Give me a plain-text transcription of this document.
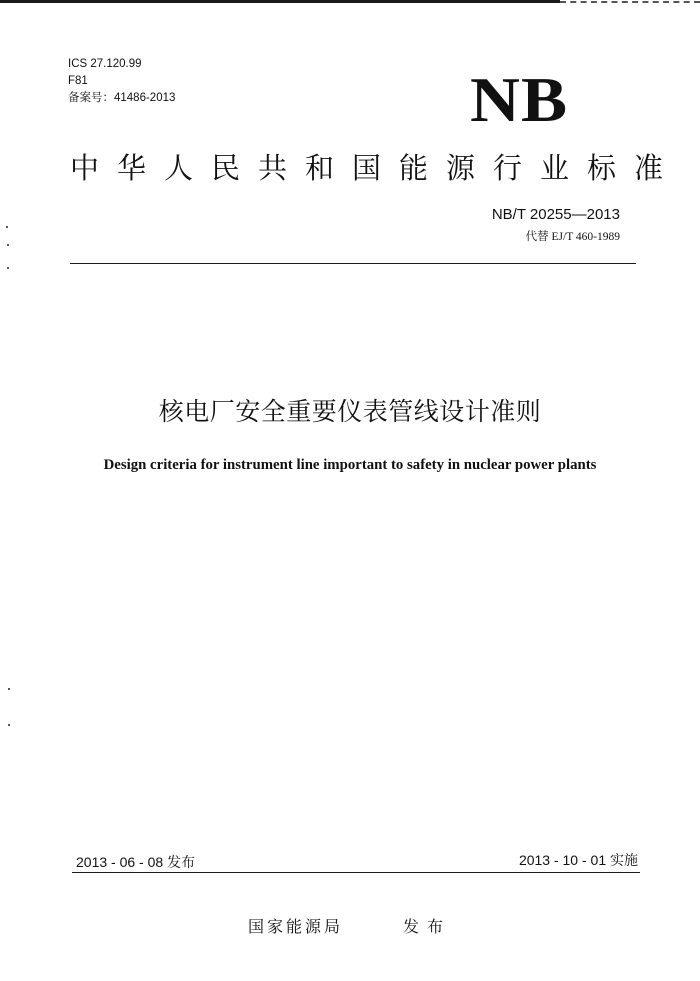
ICS 27.120.99
F81
备案号：41486-2013	NB
中华人民共和国能源行业标准
NB/T 20255—2013
代替 EJ/T 460-1989
核电厂安全重要仪表管线设计准则
Design criteria for instrument line important to safety in nuclear power plants
2013 - 06 - 08 发布	2013 - 10 - 01 实施
国家能源局	发布
